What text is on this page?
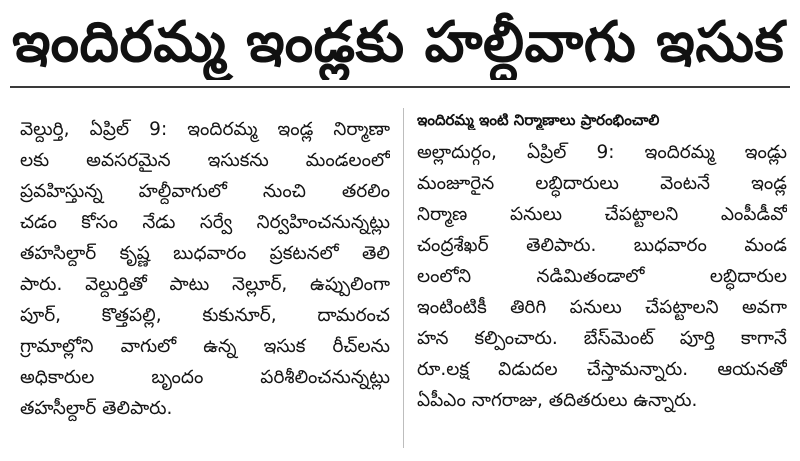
ఇందిరమ్మ ఇండ్లకు హల్దీవాగు ఇసుక
వెల్దుర్తి, ఏప్రిల్ 9: ఇందిరమ్మ ఇండ్ల నిర్మాణా
లకు అవసరమైన ఇసుకను మండలంలో
ప్రవహిస్తున్న హల్దీవాగులో నుంచి తరలిం
చడం కోసం నేడు సర్వే నిర్వహించనున్నట్లు
తహసిల్దార్ కృష్ణ బుధవారం ప్రకటనలో తెలి
పారు. వెల్దుర్తితో పాటు నెల్లూర్, ఉప్పులింగా
పూర్, కొత్తపల్లి, కుకునూర్, దామరంచ
గ్రామాల్లోని వాగులో ఉన్న ఇసుక రీచ్‌లను
అధికారుల బృందం పరిశీలించనున్నట్లు
తహసీల్దార్ తెలిపారు.
ఇందిరమ్మ ఇంటి నిర్మాణాలు ప్రారంభించాలి
అల్లాదుర్గం, ఏప్రిల్ 9: ఇందిరమ్మ ఇండ్లు
మంజూరైన లబ్ధిదారులు వెంటనే ఇండ్ల
నిర్మాణ పనులు చేపట్టాలని ఎంపీడీవో
చంద్రశేఖర్ తెలిపారు. బుధవారం మండ
లంలోని నడిమితండాలో లబ్ధిదారుల
ఇంటింటికీ తిరిగి పనులు చేపట్టాలని అవగా
హన కల్పించారు. బేస్‌మెంట్ పూర్తి కాగానే
రూ.లక్ష విడుదల చేస్తామన్నారు. ఆయనతో
ఏపీఎం నాగరాజు, తదితరులు ఉన్నారు.
